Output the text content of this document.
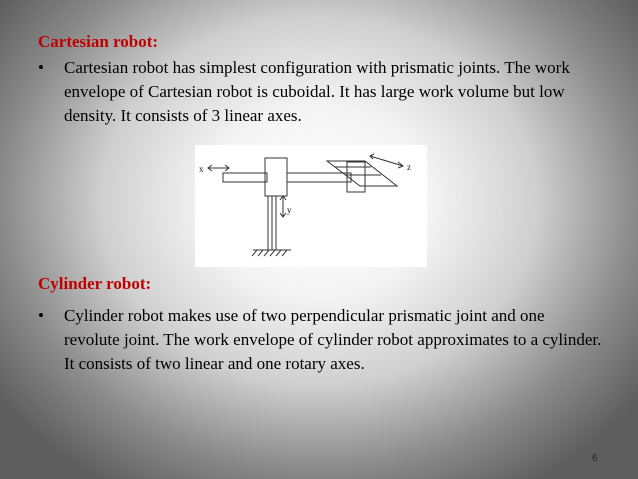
Cartesian robot:
• Cartesian robot has simplest configuration with prismatic joints. The work envelope of Cartesian robot is cuboidal. It has large work volume but low density. It consists of 3 linear axes.
x
y
z
Cylinder robot:
• Cylinder robot makes use of two perpendicular prismatic joint and one revolute joint. The work envelope of cylinder robot approximates to a cylinder. It consists of two linear and one rotary axes.
6
